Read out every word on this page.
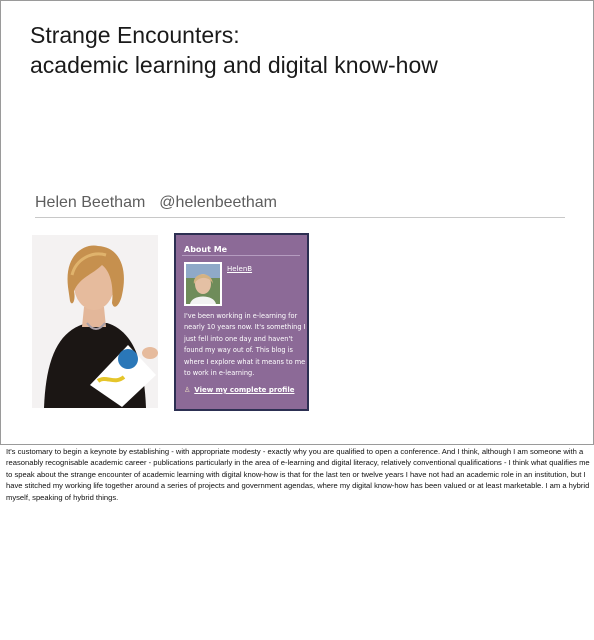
Strange Encounters:
academic learning and digital know-how
Helen Beetham @helenbeetham
About Me
HelenB
I've been working in e-learning for nearly 10 years now. It's something I just fell into one day and haven't found my way out of. This blog is where I explore what it means to me to work in e-learning.
♙ View my complete profile

It's customary to begin a keynote by establishing - with appropriate modesty - exactly why you are qualified to open a conference. And I think, although I am someone with a reasonably recognisable academic career - publications particularly in the area of e-learning and digital literacy, relatively conventional qualifications - I think what qualifies me to speak about the strange encounter of academic learning with digital know-how is that for the last ten or twelve years I have not had an academic role in an institution, but I have stitched my working life together around a series of projects and government agendas, where my digital know-how has been valued or at least marketable. I am a hybrid myself, speaking of hybrid things.
